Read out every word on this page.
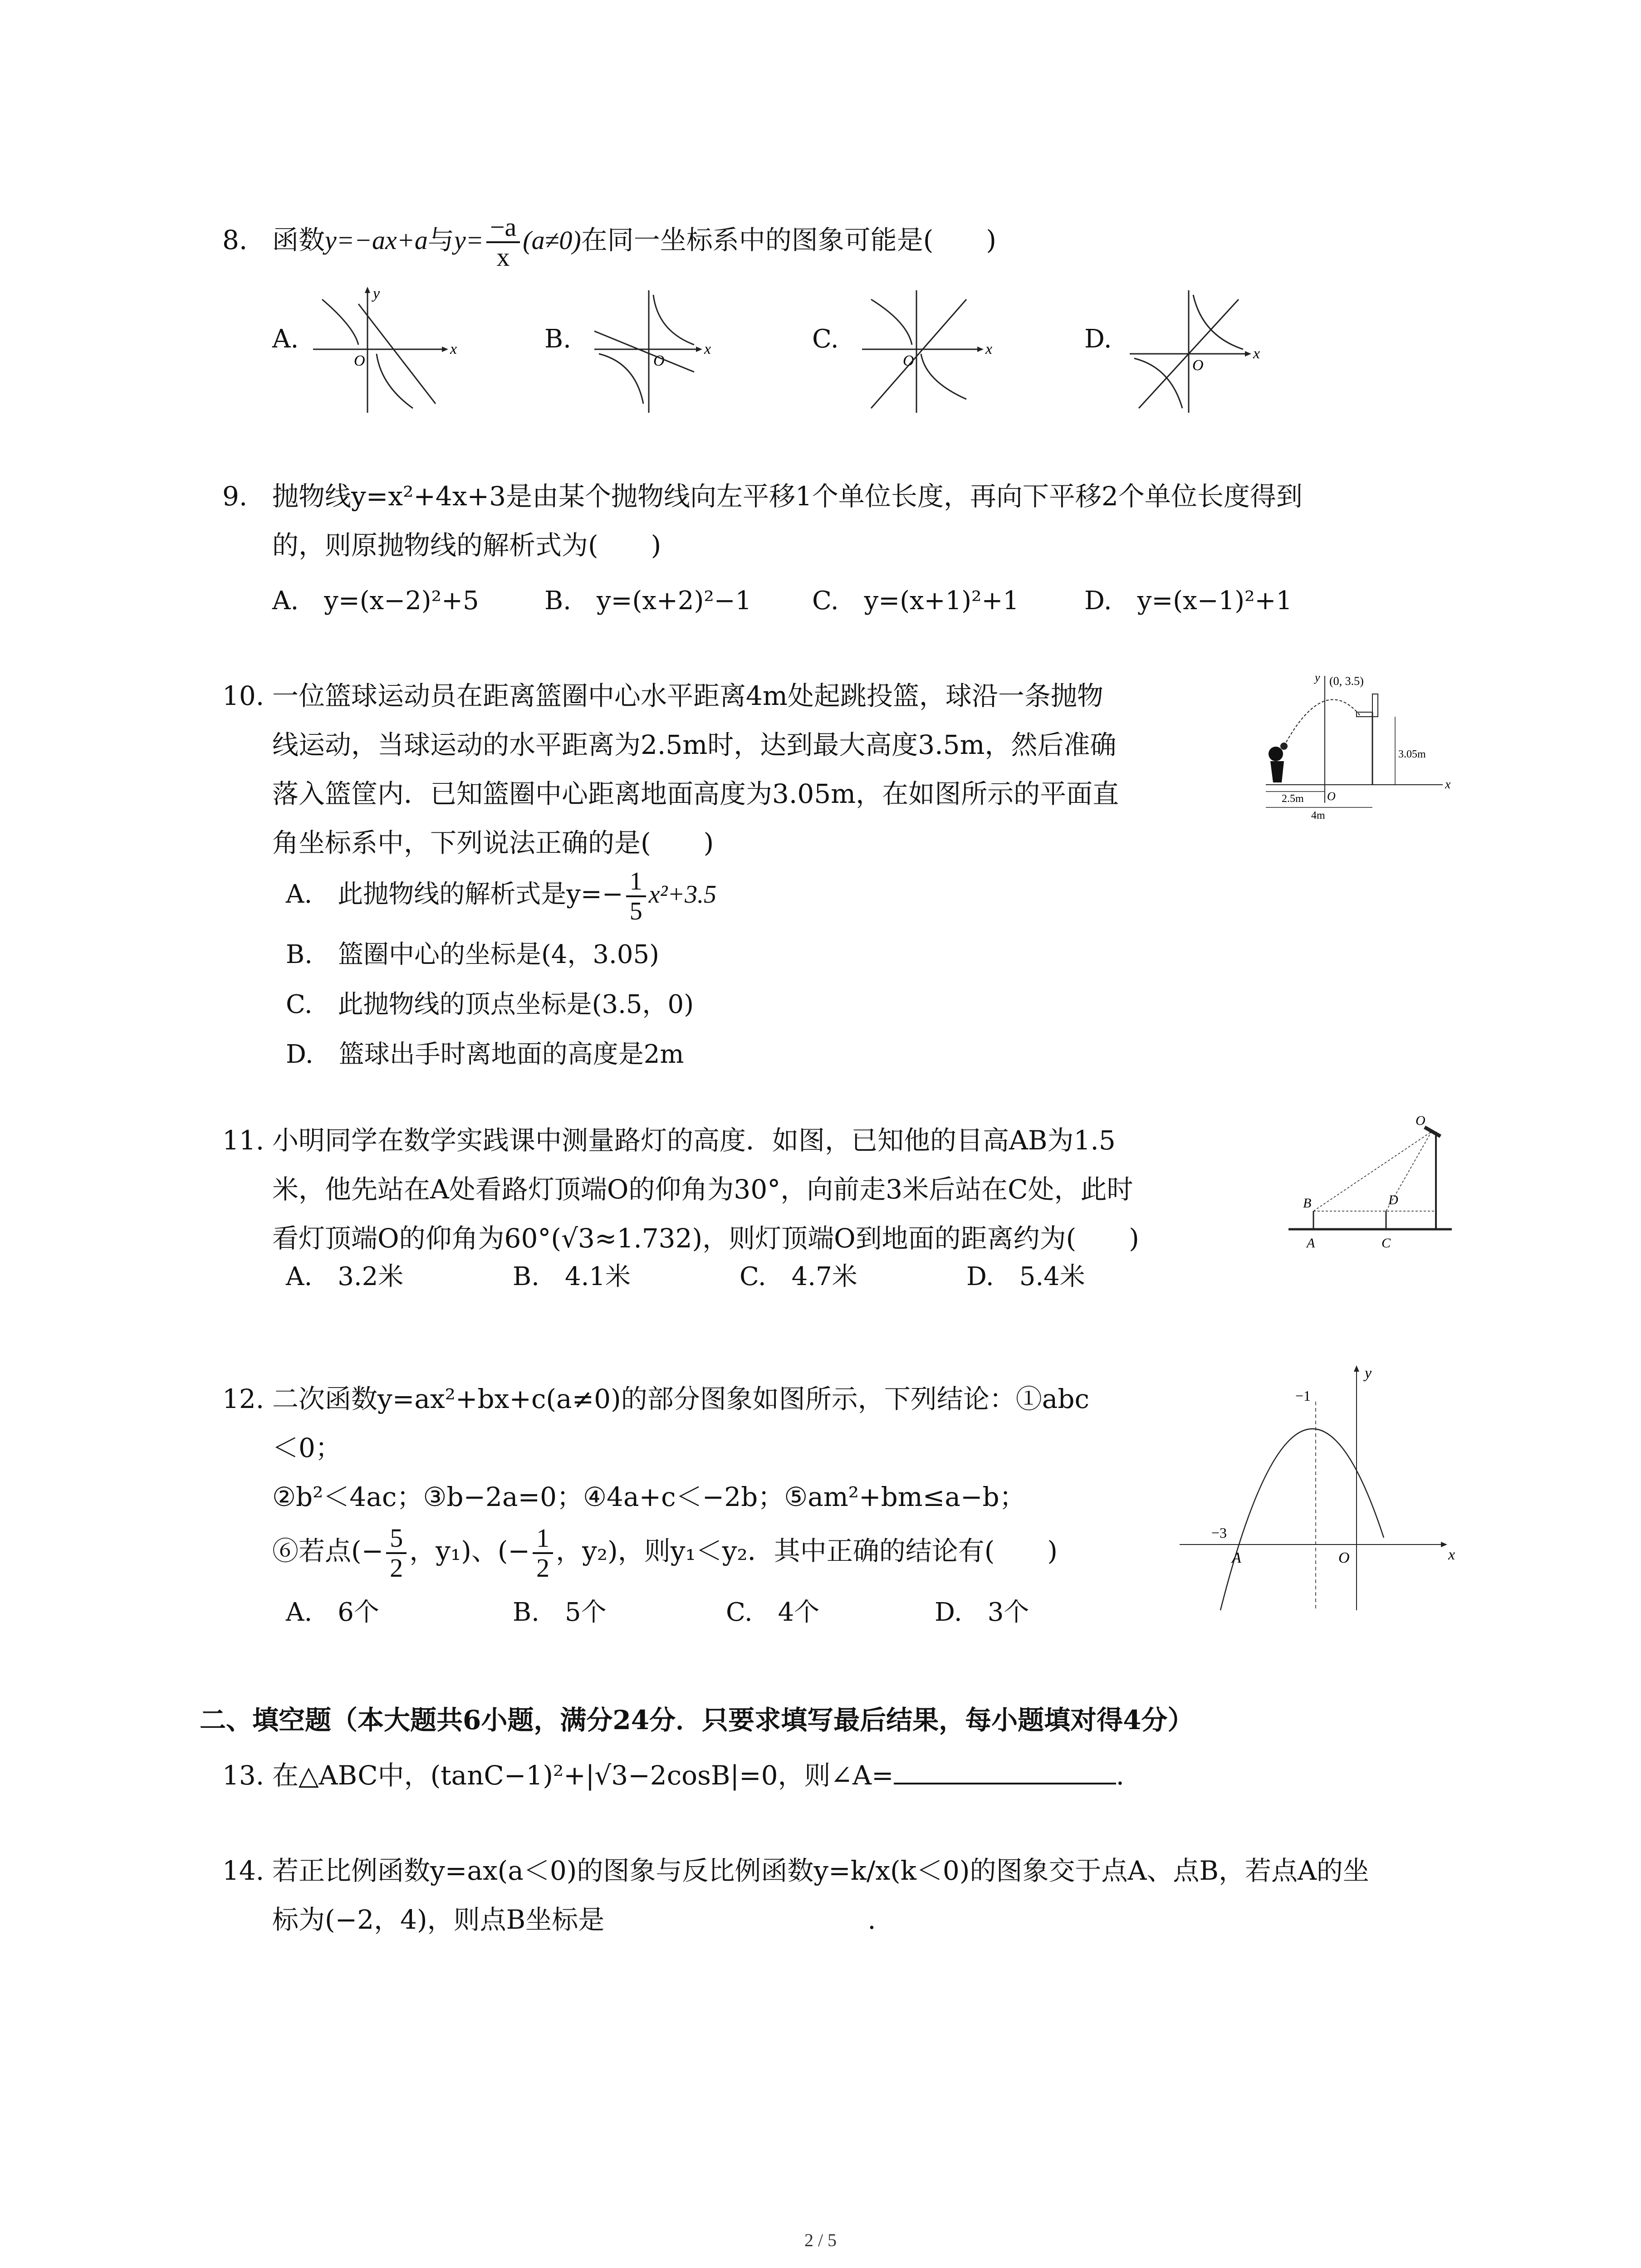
8. 函数y=−ax+a与$y= \frac{-a}{x} (a\ne 0)$在同一坐标系中的图象可能是(　　)
A.	x
y
O
B.	x
O
C.	x
O
D.	x
O
9. 抛物线y=x²+4x+3是由某个抛物线向左平移1个单位长度，再向下平移2个单位长度得到
的，则原抛物线的解析式为(　　)
A.　y=(x−2)²+5	B.　y=(x+2)²−1 C.　y=(x+1)²+1	D.　y=(x−1)²+1
10. 一位篮球运动员在距离篮圈中心水平距离4m处起跳投篮，球沿一条抛物
线运动，当球运动的水平距离为2.5m时，达到最大高度3.5m，然后准确
落入篮筐内．已知篮圈中心距离地面高度为3.05m，在如图所示的平面直
角坐标系中，下列说法正确的是(　　)
A.　此抛物线的解析式是$y=- \frac{1}{5} x^2+3.5$
B.　篮圈中心的坐标是(4，3.05)
C.　此抛物线的顶点坐标是(3.5，0)
D.　篮球出手时离地面的高度是2m
x
y (0, 3.5)
3.05m
2.5m O
4m
11. 小明同学在数学实践课中测量路灯的高度．如图，已知他的目高AB为1.5
米，他先站在A处看路灯顶端O的仰角为30°，向前走3米后站在C处，此时
看灯顶端O的仰角为60°(√3≈1.732)，则灯顶端O到地面的距离约为(　　)
A.　3.2米	B.　4.1米	C.　4.7米	D.　5.4米
O
B	D
A	C
12. 二次函数y=ax²+bx+c(a≠0)的部分图象如图所示，下列结论：①abc
＜0；
②b²＜4ac；③b−2a=0；④4a+c＜−2b；⑤am²+bm≤a−b；
⑥若点(− $\frac{5}{2}$ ，y₁)、(− $\frac{1}{2}$ ，y₂)，则y₁＜y₂．其中正确的结论有(　　)
A.　6个	B.　5个	C.　4个	D.　3个
x
y
O
−1
−3
A
二、填空题（本大题共6小题，满分24分．只要求填写最后结果，每小题填对得4分）
13. 在△ABC中，(tanC−1)²+|√3−2cosB|=0，则∠A=	.
14. 若正比例函数y=ax(a＜0)的图象与反比例函数y=k/x(k＜0)的图象交于点A、点B，若点A的坐
标为(−2，4)，则点B坐标是	.
2 / 5
